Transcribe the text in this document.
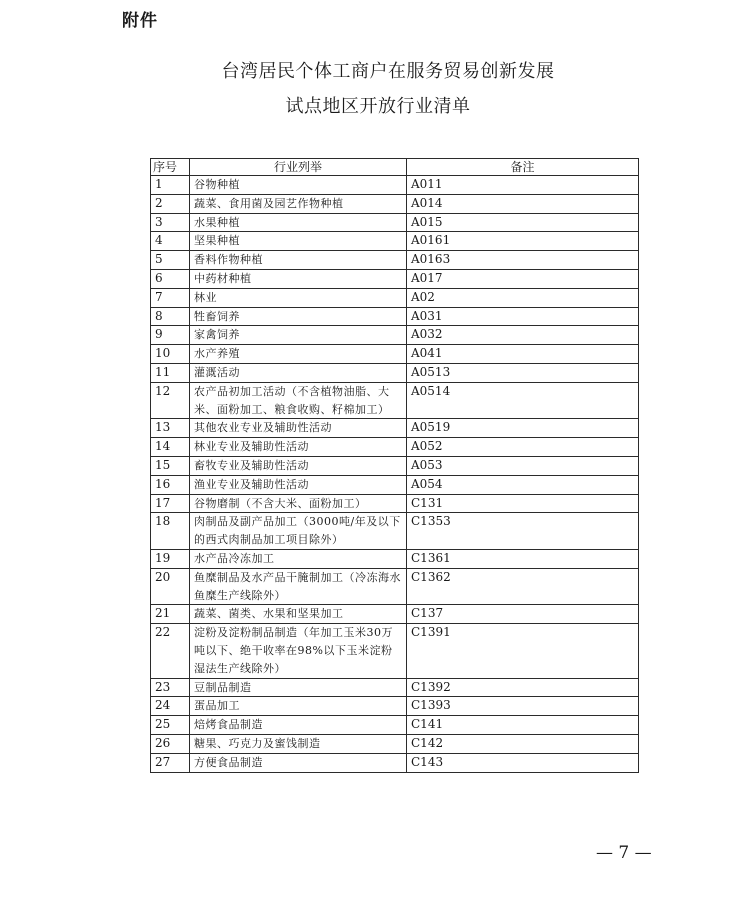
附件
台湾居民个体工商户在服务贸易创新发展
试点地区开放行业清单
序号	行业列举	备注
1	谷物种植	A011
2	蔬菜、食用菌及园艺作物种植	A014
3	水果种植	A015
4	坚果种植	A0161
5	香料作物种植	A0163
6	中药材种植	A017
7	林业	A02
8	牲畜饲养	A031
9	家禽饲养	A032
10	水产养殖	A041
11	灌溉活动	A0513
12	农产品初加工活动（不含植物油脂、大米、面粉加工、粮食收购、籽棉加工）	A0514
13	其他农业专业及辅助性活动	A0519
14	林业专业及辅助性活动	A052
15	畜牧专业及辅助性活动	A053
16	渔业专业及辅助性活动	A054
17	谷物磨制（不含大米、面粉加工）	C131
18	肉制品及副产品加工（3000吨/年及以下的西式肉制品加工项目除外）	C1353
19	水产品冷冻加工	C1361
20	鱼糜制品及水产品干腌制加工（冷冻海水鱼糜生产线除外）	C1362
21	蔬菜、菌类、水果和坚果加工	C137
22	淀粉及淀粉制品制造（年加工玉米30万吨以下、绝干收率在98%以下玉米淀粉湿法生产线除外）	C1391
23	豆制品制造	C1392
24	蛋品加工	C1393
25	焙烤食品制造	C141
26	糖果、巧克力及蜜饯制造	C142
27	方便食品制造	C143
— 7 —
